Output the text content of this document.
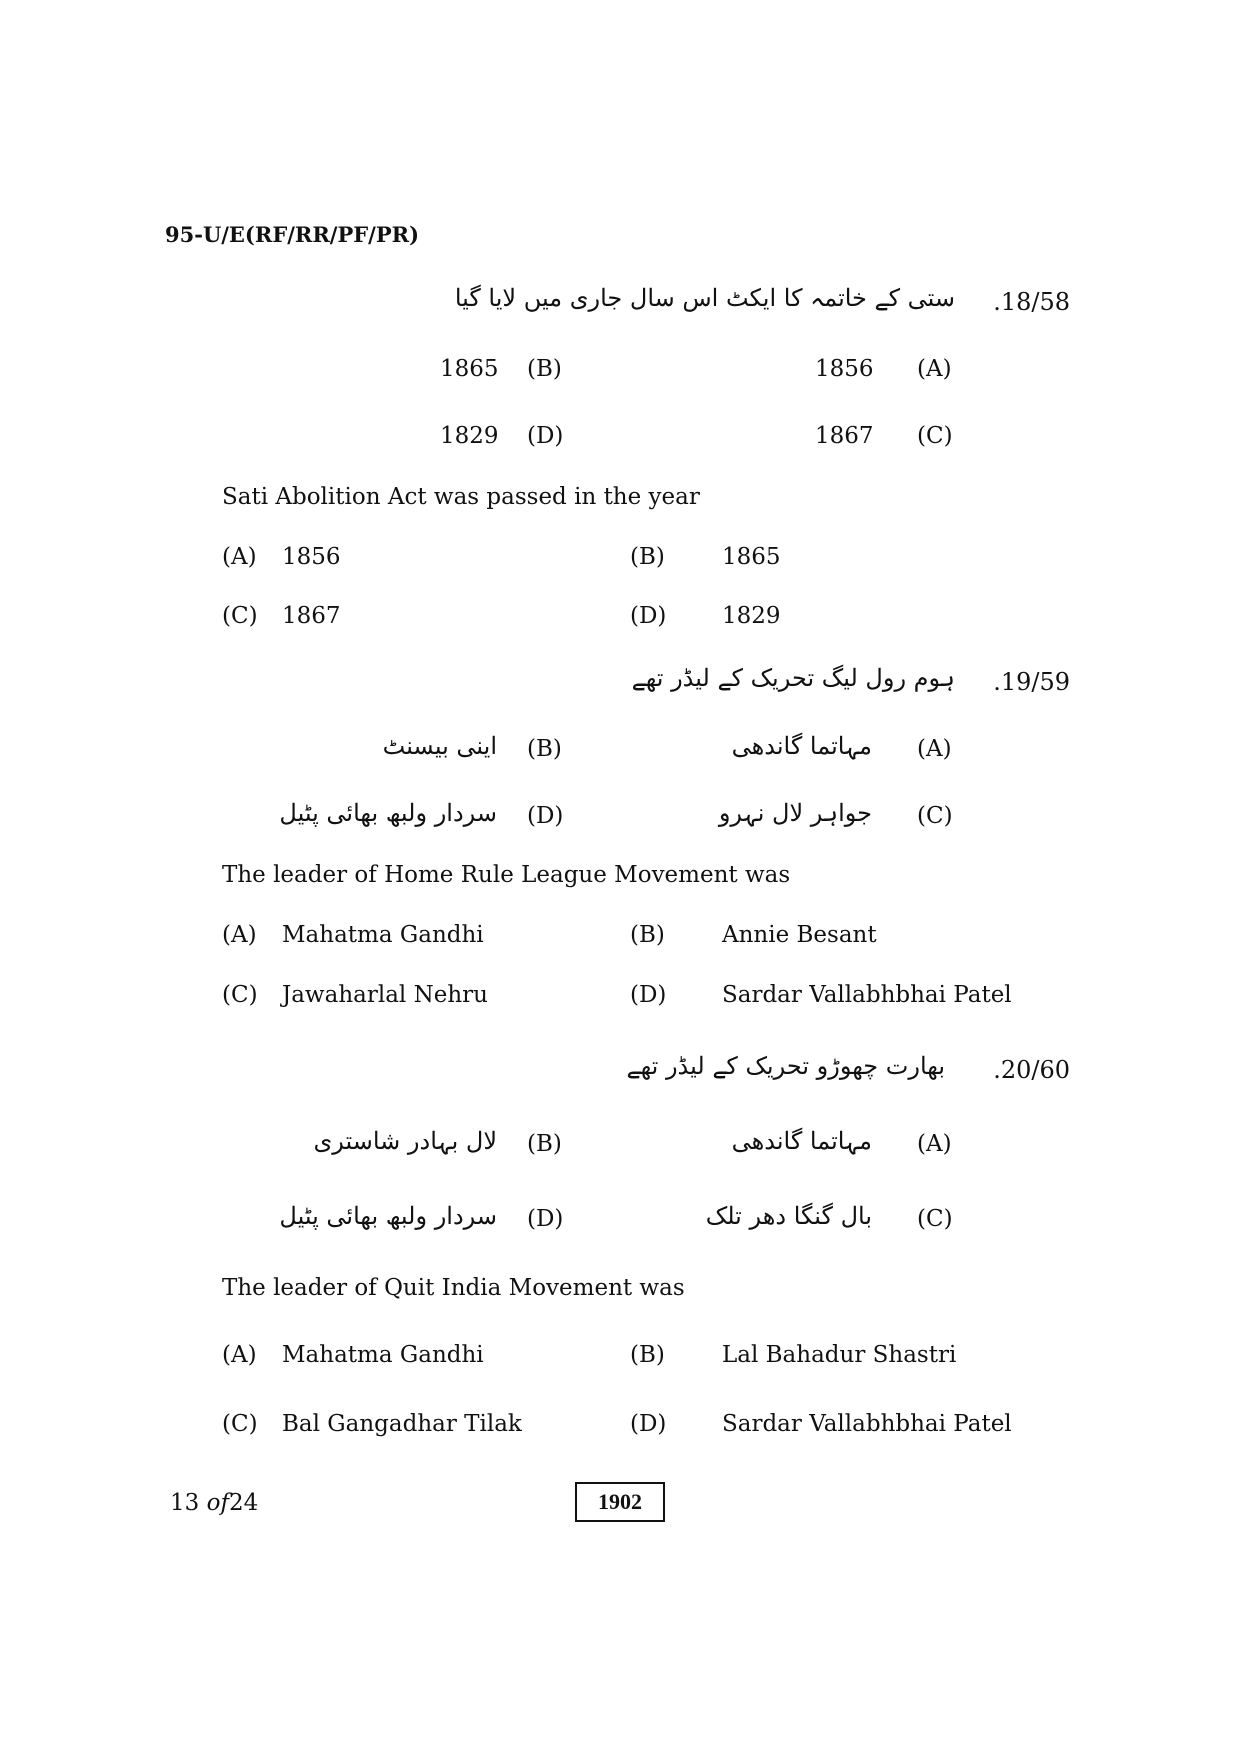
95-U/E(RF/RR/PF/PR)
.18/58
ستی کے خاتمہ کا ایکٹ اس سال جاری میں لایا گیا
(A)
1856
(B)
1865
(C)
1867
(D)
1829
Sati Abolition Act was passed in the year
(A) 1856	(B) 1865
(C) 1867	(D) 1829
.19/59
ہوم رول لیگ تحریک کے لیڈر تھے
(A)
مہاتما گاندھی
(B)
اینی بیسنٹ
(C)
جواہر لال نہرو
(D)
سردار ولبھ بھائی پٹیل
The leader of Home Rule League Movement was
(A) Mahatma Gandhi	(B) Annie Besant
(C) Jawaharlal Nehru	(D) Sardar Vallabhbhai Patel
.20/60
بھارت چھوڑو تحریک کے لیڈر تھے
(A)
مہاتما گاندھی
(B)
لال بہادر شاستری
(C)
بال گنگا دھر تلک
(D)
سردار ولبھ بھائی پٹیل
The leader of Quit India Movement was
(A) Mahatma Gandhi	(B) Lal Bahadur Shastri
(C) Bal Gangadhar Tilak	(D) Sardar Vallabhbhai Patel
13 of24	1902
